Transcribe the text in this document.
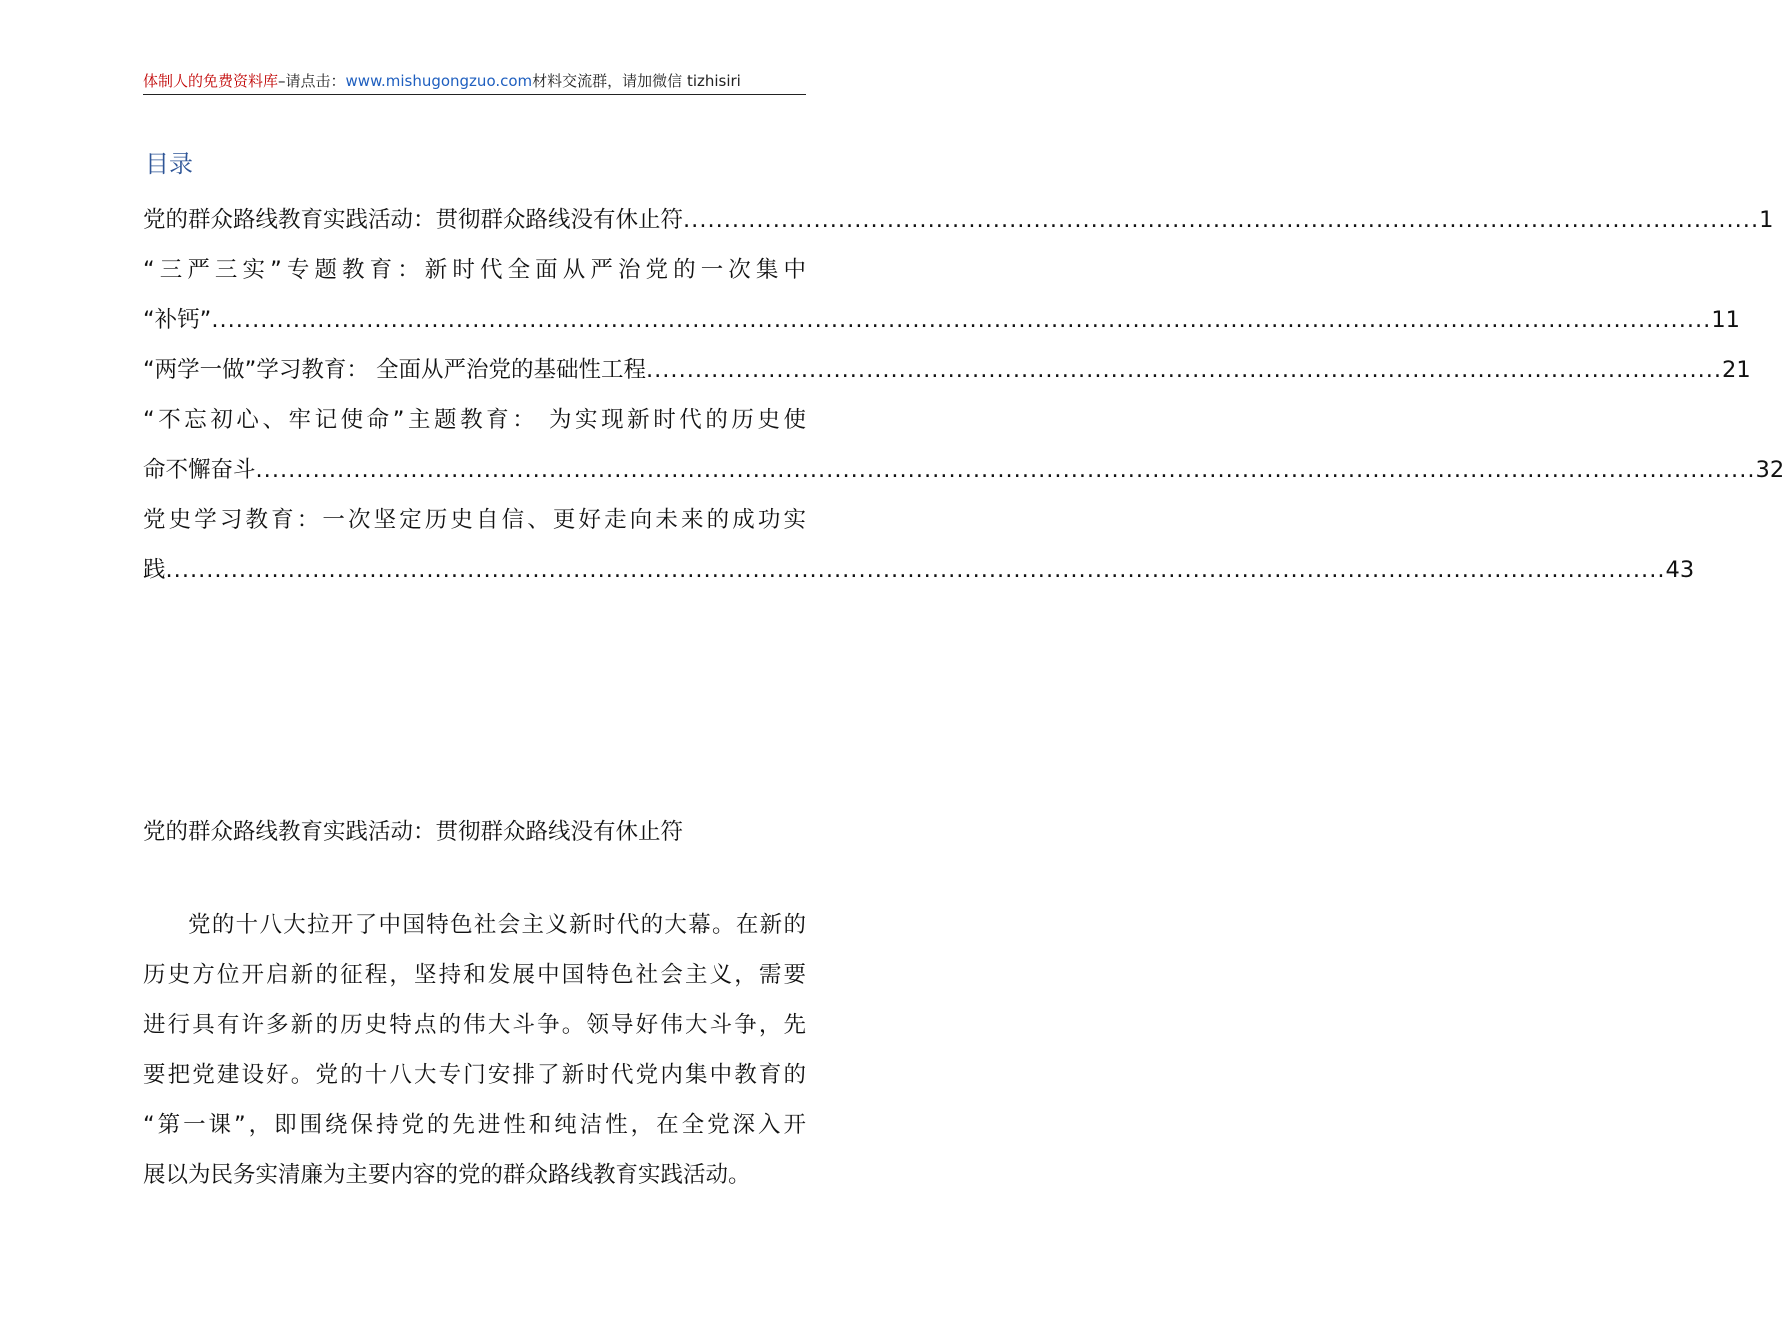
体制人的免费资料库–请点击：www.mishugongzuo.com材料交流群，请加微信 tizhisiri
目录
党的群众路线教育实践活动：贯彻群众路线没有休止符 .................................................................................................................................... 1
“三严三实”专题教育：新时代全面从严治党的一次集中
“补钙” ........................................................................................................................................................................................ 11
“两学一做”学习教育： 全面从严治党的基础性工程 .................................................................................................................................... 21
“不忘初心、牢记使命”主题教育： 为实现新时代的历史使
命不懈奋斗 ........................................................................................................................................................................................ 32
党史学习教育：一次坚定历史自信、更好走向未来的成功实
践 ........................................................................................................................................................................................ 43
党的群众路线教育实践活动：贯彻群众路线没有休止符
党的十八大拉开了中国特色社会主义新时代的大幕。在新的
历史方位开启新的征程，坚持和发展中国特色社会主义，需要
进行具有许多新的历史特点的伟大斗争。领导好伟大斗争，先
要把党建设好。党的十八大专门安排了新时代党内集中教育的
“第一课”，即围绕保持党的先进性和纯洁性，在全党深入开
展以为民务实清廉为主要内容的党的群众路线教育实践活动。
